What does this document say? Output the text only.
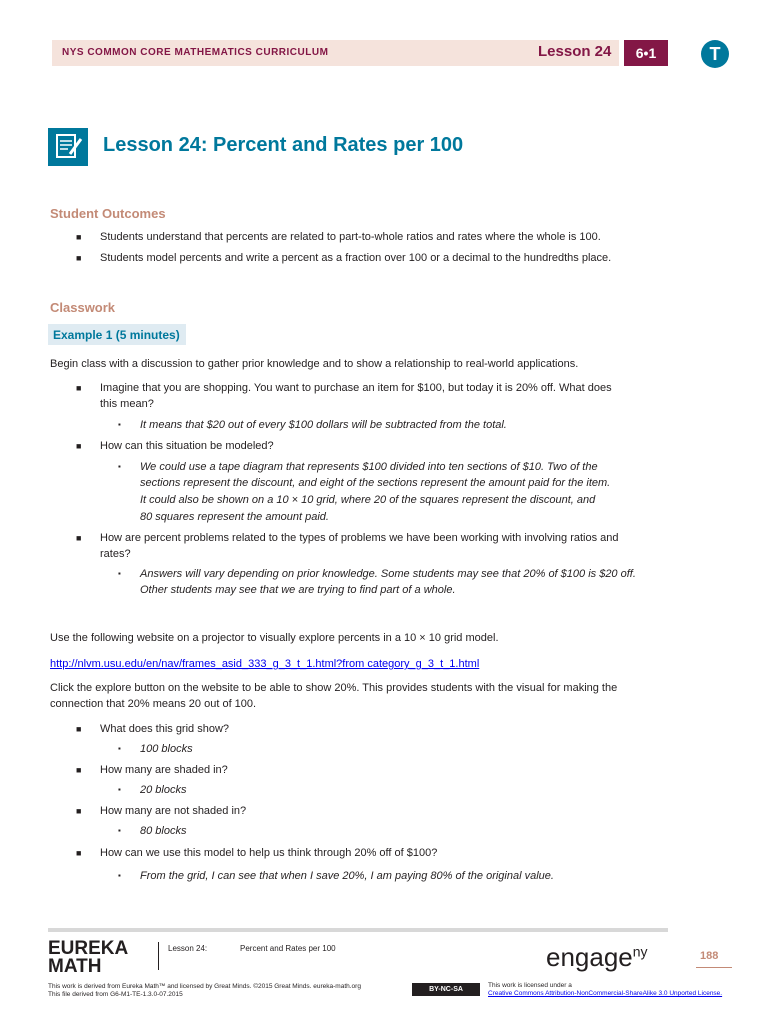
NYS COMMON CORE MATHEMATICS CURRICULUM	Lesson 24	6•1	T
Lesson 24: Percent and Rates per 100
Student Outcomes
■ Students understand that percents are related to part-to-whole ratios and rates where the whole is 100.
■ Students model percents and write a percent as a fraction over 100 or a decimal to the hundredths place.
Classwork
Example 1 (5 minutes)
Begin class with a discussion to gather prior knowledge and to show a relationship to real-world applications.
■ Imagine that you are shopping. You want to purchase an item for $100, but today it is 20% off. What does
this mean?
▪ It means that $20 out of every $100 dollars will be subtracted from the total.
■ How can this situation be modeled?
▪ We could use a tape diagram that represents $100 divided into ten sections of $10. Two of the
sections represent the discount, and eight of the sections represent the amount paid for the item.
It could also be shown on a 10 × 10 grid, where 20 of the squares represent the discount, and
80 squares represent the amount paid.
■ How are percent problems related to the types of problems we have been working with involving ratios and
rates?
▪ Answers will vary depending on prior knowledge. Some students may see that 20% of $100 is $20 off.
Other students may see that we are trying to find part of a whole.
Use the following website on a projector to visually explore percents in a 10 × 10 grid model.
http://nlvm.usu.edu/en/nav/frames_asid_333_g_3_t_1.html?from category_g_3_t_1.html
Click the explore button on the website to be able to show 20%. This provides students with the visual for making the
connection that 20% means 20 out of 100.
■ What does this grid show?
▪ 100 blocks
■ How many are shaded in?
▪ 20 blocks
■ How many are not shaded in?
▪ 80 blocks
■ How can we use this model to help us think through 20% off of $100?
▪ From the grid, I can see that when I save 20%, I am paying 80% of the original value.
EUREKA
MATH
Lesson 24:	Percent and Rates per 100	engage$^{ny}$	188
This work is derived from Eureka Math™ and licensed by Great Minds. ©2015 Great Minds. eureka-math.org
This file derived from G6-M1-TE-1.3.0-07.2015
BY-NC-SA
This work is licensed under a
Creative Commons Attribution-NonCommercial-ShareAlike 3.0 Unported License.
